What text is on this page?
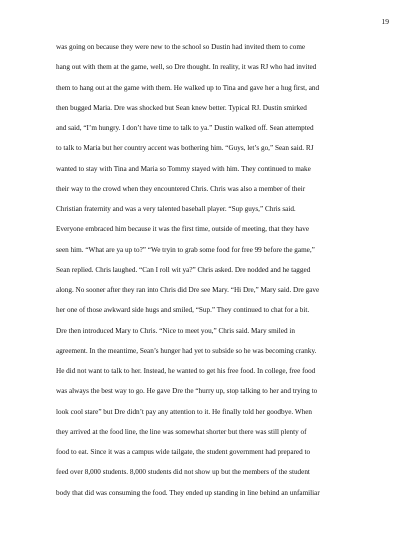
19
was going on because they were new to the school so Dustin had invited them to come
hang out with them at the game, well, so Dre thought. In reality, it was RJ who had invited
them to hang out at the game with them. He walked up to Tina and gave her a hug first, and
then bugged Maria. Dre was shocked but Sean knew better. Typical RJ. Dustin smirked
and said, “I’m hungry. I don’t have time to talk to ya.” Dustin walked off. Sean attempted
to talk to Maria but her country accent was bothering him. “Guys, let’s go,” Sean said. RJ
wanted to stay with Tina and Maria so Tommy stayed with him. They continued to make
their way to the crowd when they encountered Chris. Chris was also a member of their
Christian fraternity and was a very talented baseball player. “Sup guys,” Chris said.
Everyone embraced him because it was the first time, outside of meeting, that they have
seen him. “What are ya up to?” “We tryin to grab some food for free 99 before the game,”
Sean replied. Chris laughed. “Can I roll wit ya?” Chris asked. Dre nodded and he tagged
along. No sooner after they ran into Chris did Dre see Mary. “Hi Dre,” Mary said. Dre gave
her one of those awkward side hugs and smiled, “Sup.” They continued to chat for a bit.
Dre then introduced Mary to Chris. “Nice to meet you,” Chris said. Mary smiled in
agreement. In the meantime, Sean’s hunger had yet to subside so he was becoming cranky.
He did not want to talk to her. Instead, he wanted to get his free food. In college, free food
was always the best way to go. He gave Dre the “hurry up, stop talking to her and trying to
look cool stare” but Dre didn’t pay any attention to it. He finally told her goodbye. When
they arrived at the food line, the line was somewhat shorter but there was still plenty of
food to eat. Since it was a campus wide tailgate, the student government had prepared to
feed over 8,000 students. 8,000 students did not show up but the members of the student
body that did was consuming the food. They ended up standing in line behind an unfamiliar
